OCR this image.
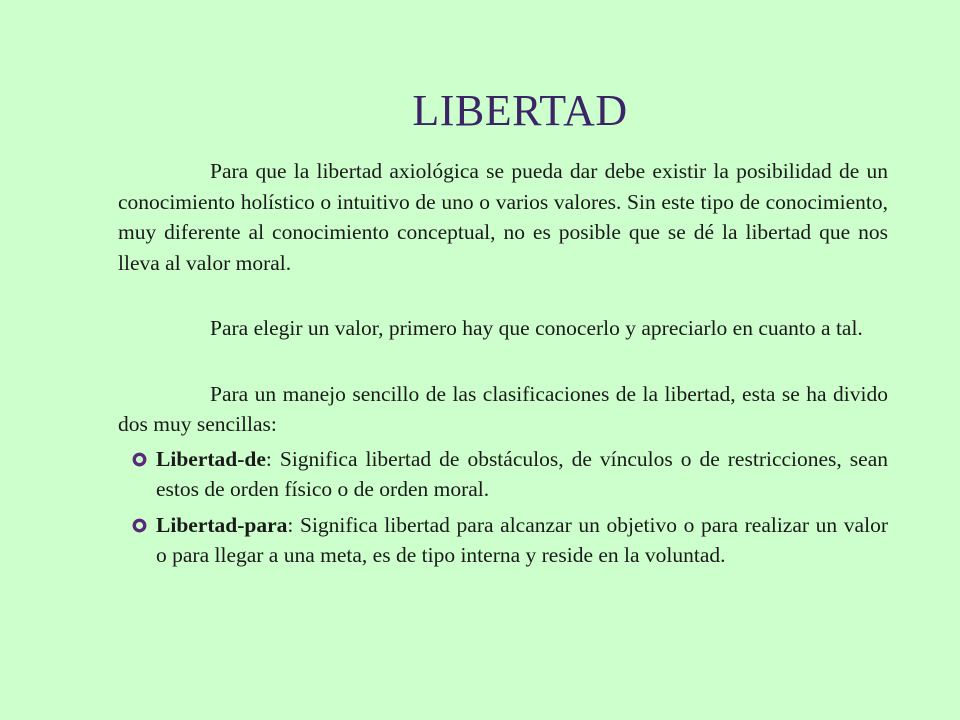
LIBERTAD

Para que la libertad axiológica se pueda dar debe existir la posibilidad de un conocimiento holístico o intuitivo de uno o varios valores. Sin este tipo de conocimiento, muy diferente al conocimiento conceptual, no es posible que se dé la libertad que nos lleva al valor moral.

Para elegir un valor, primero hay que conocerlo y apreciarlo en cuanto a tal.

Para un manejo sencillo de las clasificaciones de la libertad, esta se ha divido dos muy sencillas:

Libertad-de: Significa libertad de obstáculos, de vínculos o de restricciones, sean estos de orden físico o de orden moral.
Libertad-para: Significa libertad para alcanzar un objetivo o para realizar un valor o para llegar a una meta, es de tipo interna y reside en la voluntad.
